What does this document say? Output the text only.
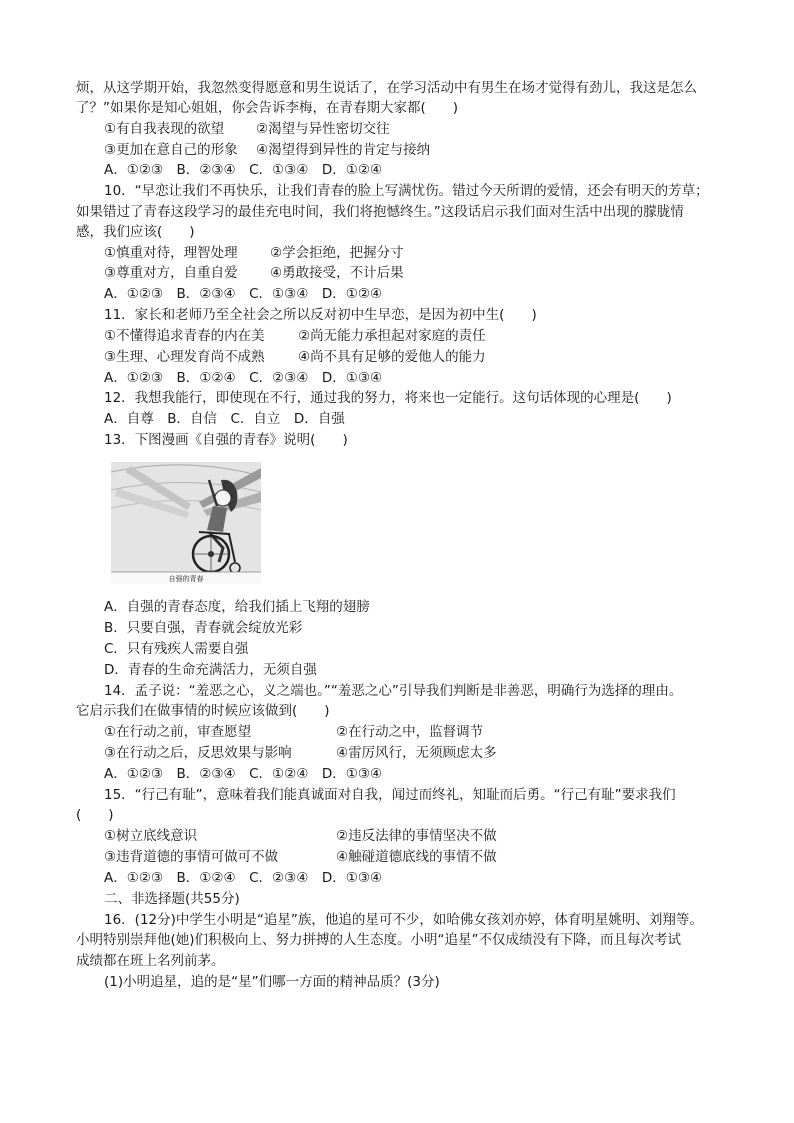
烦，从这学期开始，我忽然变得愿意和男生说话了，在学习活动中有男生在场才觉得有劲儿，我这是怎么
了？”如果你是知心姐姐，你会告诉李梅，在青春期大家都(　　)
①有自我表现的欲望 ②渴望与异性密切交往
③更加在意自己的形象 ④渴望得到异性的肯定与接纳
A．①②③　B．②③④　C．①③④　D．①②④
10．“早恋让我们不再快乐，让我们青春的脸上写满忧伤。错过今天所谓的爱情，还会有明天的芳草；
如果错过了青春这段学习的最佳充电时间，我们将抱憾终生。”这段话启示我们面对生活中出现的朦胧情
感，我们应该(　　)
①慎重对待，理智处理 ②学会拒绝，把握分寸
③尊重对方，自重自爱 ④勇敢接受，不计后果
A．①②③　B．②③④　C．①③④　D．①②④
11．家长和老师乃至全社会之所以反对初中生早恋，是因为初中生(　　)
①不懂得追求青春的内在美 ②尚无能力承担起对家庭的责任
③生理、心理发育尚不成熟 ④尚不具有足够的爱他人的能力
A．①②③　B．①②④　C．②③④　D．①③④
12．我想我能行，即使现在不行，通过我的努力，将来也一定能行。这句话体现的心理是(　　)
A．自尊　B．自信　C．自立　D．自强
13．下图漫画《自强的青春》说明(　　)
自强的青春
A．自强的青春态度，给我们插上飞翔的翅膀
B．只要自强，青春就会绽放光彩
C．只有残疾人需要自强
D．青春的生命充满活力，无须自强
14．孟子说：“羞恶之心，义之端也。”“羞恶之心”引导我们判断是非善恶，明确行为选择的理由。
它启示我们在做事情的时候应该做到(　　)
①在行动之前，审查愿望	②在行动之中，监督调节
③在行动之后，反思效果与影响	④雷厉风行，无须顾虑太多
A．①②③　B．②③④　C．①②④　D．①③④
15．“行己有耻”，意味着我们能真诚面对自我，闻过而终礼，知耻而后勇。“行己有耻”要求我们
(　　)
①树立底线意识	②违反法律的事情坚决不做
③违背道德的事情可做可不做	④触碰道德底线的事情不做
A．①②③　B．①②④　C．②③④　D．①③④
二、非选择题(共55分)
16．(12分)中学生小明是“追星”族，他追的星可不少，如哈佛女孩刘亦婷，体育明星姚明、刘翔等。
小明特别崇拜他(她)们积极向上、努力拼搏的人生态度。小明“追星”不仅成绩没有下降，而且每次考试
成绩都在班上名列前茅。
(1)小明追星，追的是“星”们哪一方面的精神品质？(3分)
